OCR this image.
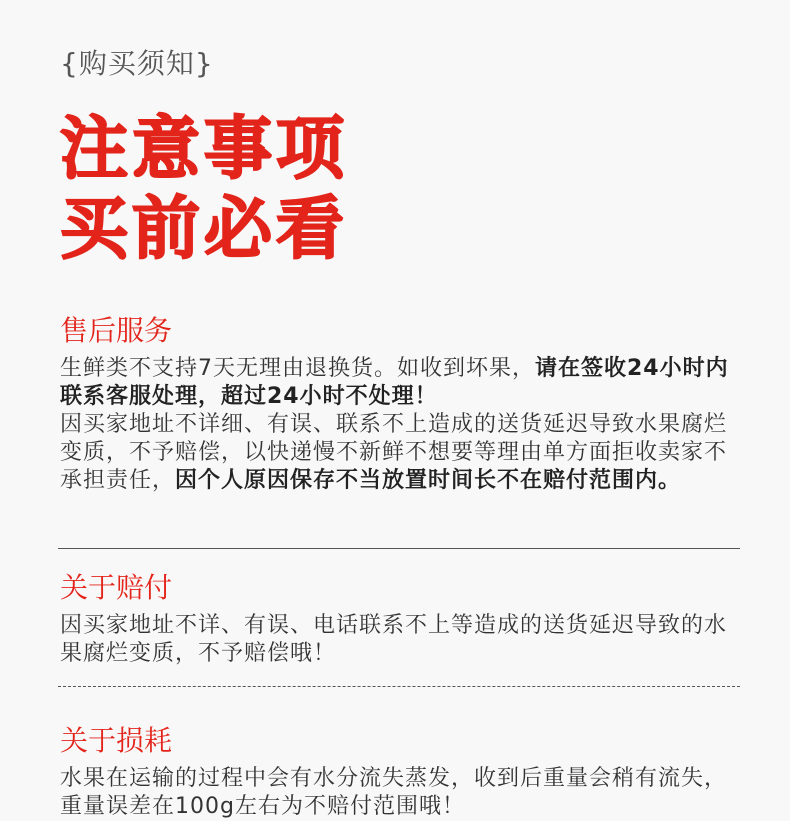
{购买须知}
注意事项
买前必看
售后服务

生鲜类不支持7天无理由退换货。如收到坏果，请在签收24小时内联系客服处理，超过24小时不处理！
因买家地址不详细、有误、联系不上造成的送货延迟导致水果腐烂变质，不予赔偿，以快递慢不新鲜不想要等理由单方面拒收卖家不承担责任，因个人原因保存不当放置时间长不在赔付范围内。

关于赔付

因买家地址不详、有误、电话联系不上等造成的送货延迟导致的水果腐烂变质，不予赔偿哦！

关于损耗

水果在运输的过程中会有水分流失蒸发，收到后重量会稍有流失，重量误差在100g左右为不赔付范围哦！
